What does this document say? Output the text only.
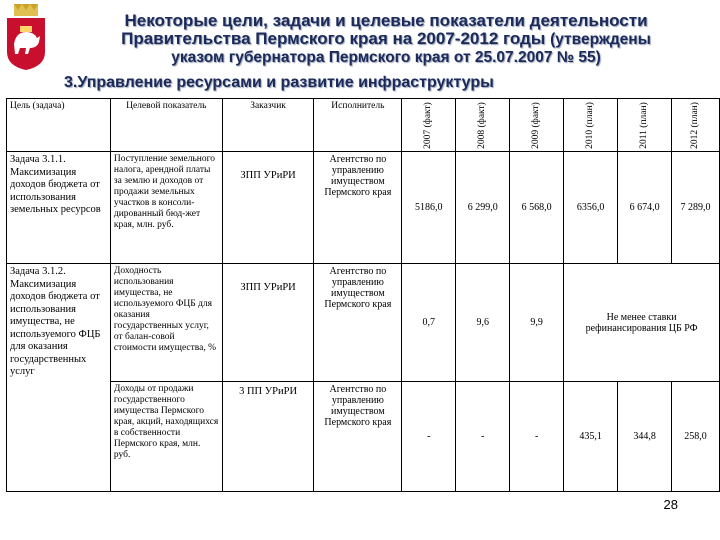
Некоторые цели, задачи и целевые показатели деятельности
Правительства Пермского края на 2007-2012 годы (утверждены
указом губернатора Пермского края от 25.07.2007 № 55)
3.Управление ресурсами и развитие инфраструктуры
Цель (задача)	Целевой показатель	Заказчик	Исполнитель	2007 (факт)	2008 (факт)	2009 (факт)	2010 (план)	2011 (план)	2012 (план)

Задача 3.1.1. Максимизация доходов бюджета от использования земельных ресурсов	Поступление земельного налога, арендной платы за землю и доходов от продажи земельных участков в консоли-дированный бюд-жет края, млн. руб.	ЗПП УРиРИ	Агентство по управлению имуществом Пермского края	5186,0	6 299,0	6 568,0	6356,0	6 674,0	7 289,0
Задача 3.1.2. Максимизация доходов бюджета от использования имущества, не используемого ФЦБ для оказания государственных услуг	Доходность использования имущества, не используемого ФЦБ для оказания государственных услуг, от балан-совой стоимости имущества, %	ЗПП УРиРИ	Агентство по управлению имуществом Пермского края	0,7	9,6	9,9	Не менее ставки рефинансирования ЦБ РФ		
	Доходы от продажи государственного имущества Пермского края, акций, находящихся в собственности Пермского края, млн. руб.	3 ПП УРиРИ	Агентство по управлению имуществом Пермского края	-	-	-	435,1	344,8	258,0
28
